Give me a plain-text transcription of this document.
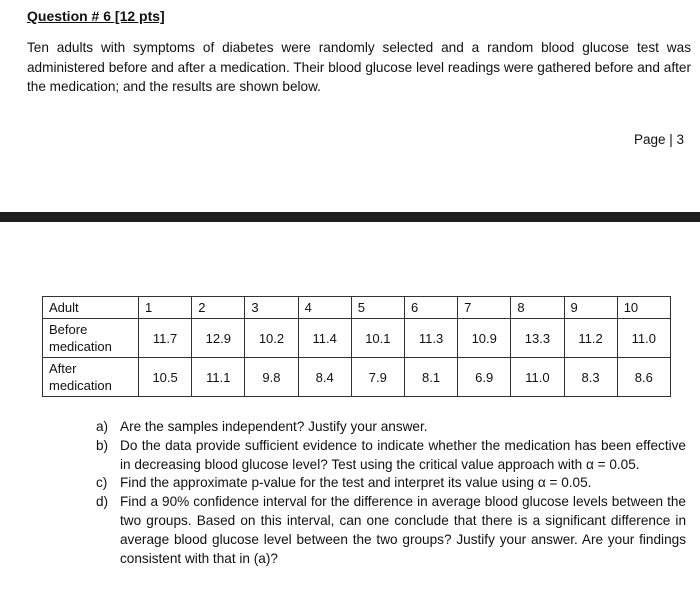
Question # 6 [12 pts]

Ten adults with symptoms of diabetes were randomly selected and a random blood glucose test was administered before and after a medication. Their blood glucose level readings were gathered before and after the medication; and the results are shown below.

Page | 3
Adult	1	2	3	4	5	6	7	8	9	10
Before medication	11.7	12.9	10.2	11.4	10.1	11.3	10.9	13.3	11.2	11.0
After medication	10.5	11.1	9.8	8.4	7.9	8.1	6.9	11.0	8.3	8.6
a) Are the samples independent? Justify your answer.
b) Do the data provide sufficient evidence to indicate whether the medication has been effective in decreasing blood glucose level? Test using the critical value approach with α = 0.05.
c) Find the approximate p-value for the test and interpret its value using α = 0.05.
d) Find a 90% confidence interval for the difference in average blood glucose levels between the two groups. Based on this interval, can one conclude that there is a significant difference in average blood glucose level between the two groups? Justify your answer. Are your findings consistent with that in (a)?
